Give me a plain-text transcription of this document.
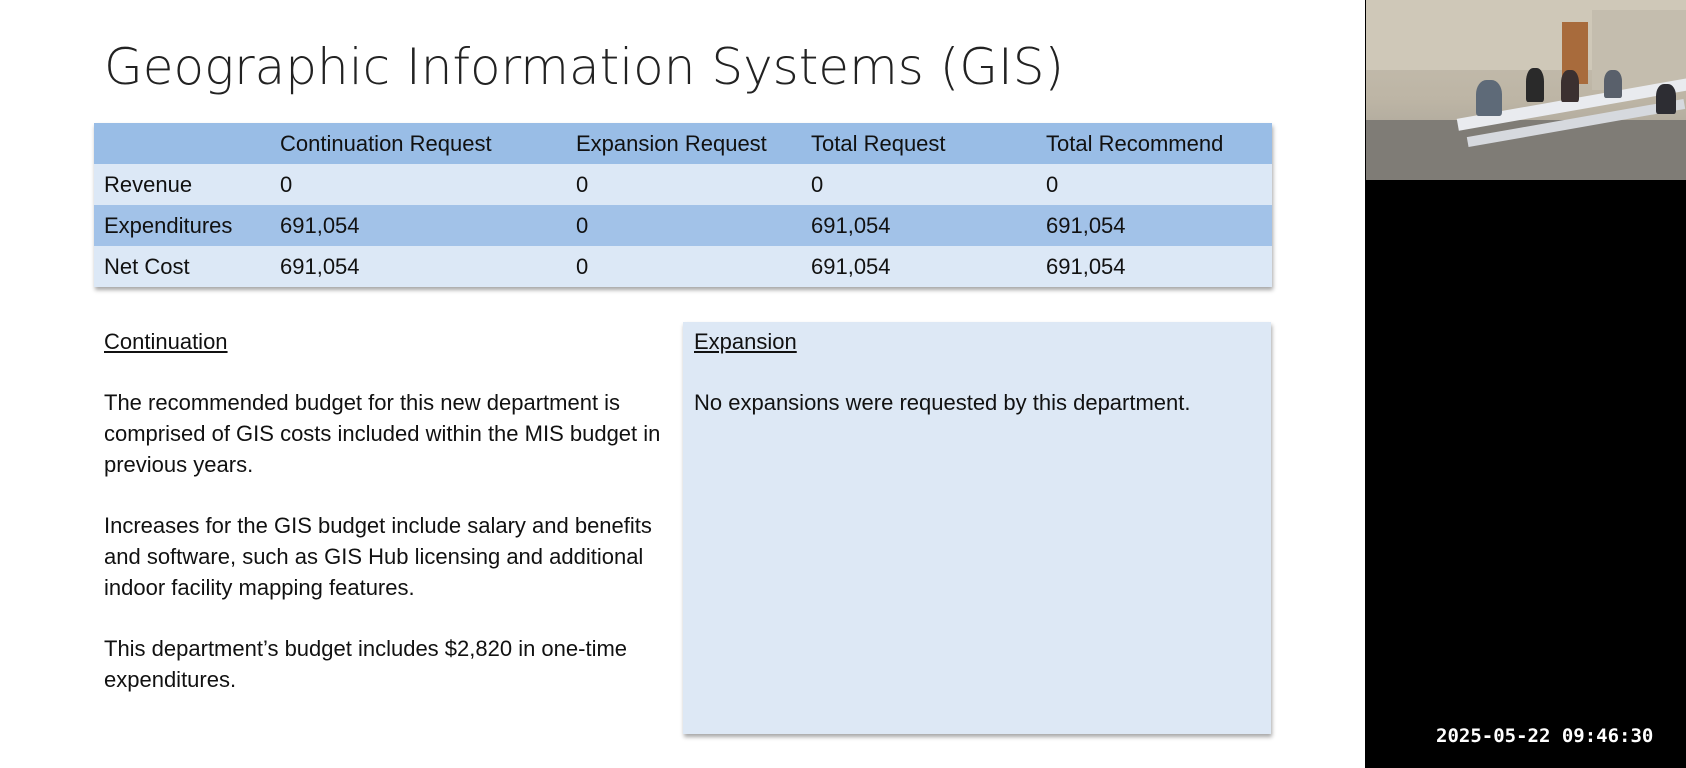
Geographic Information Systems (GIS)
	Continuation Request	Expansion Request	Total Request	Total Recommend
Revenue	0	0	0	0
Expenditures	691,054	0	691,054	691,054
Net Cost	691,054	0	691,054	691,054
Continuation
The recommended budget for this new department is comprised of GIS costs included within the MIS budget in previous years.
Increases for the GIS budget include salary and benefits and software, such as GIS Hub licensing and additional indoor facility mapping features.
This department’s budget includes $2,820 in one-time expenditures.
Expansion
No expansions were requested by this department.
2025-05-22 09:46:30
